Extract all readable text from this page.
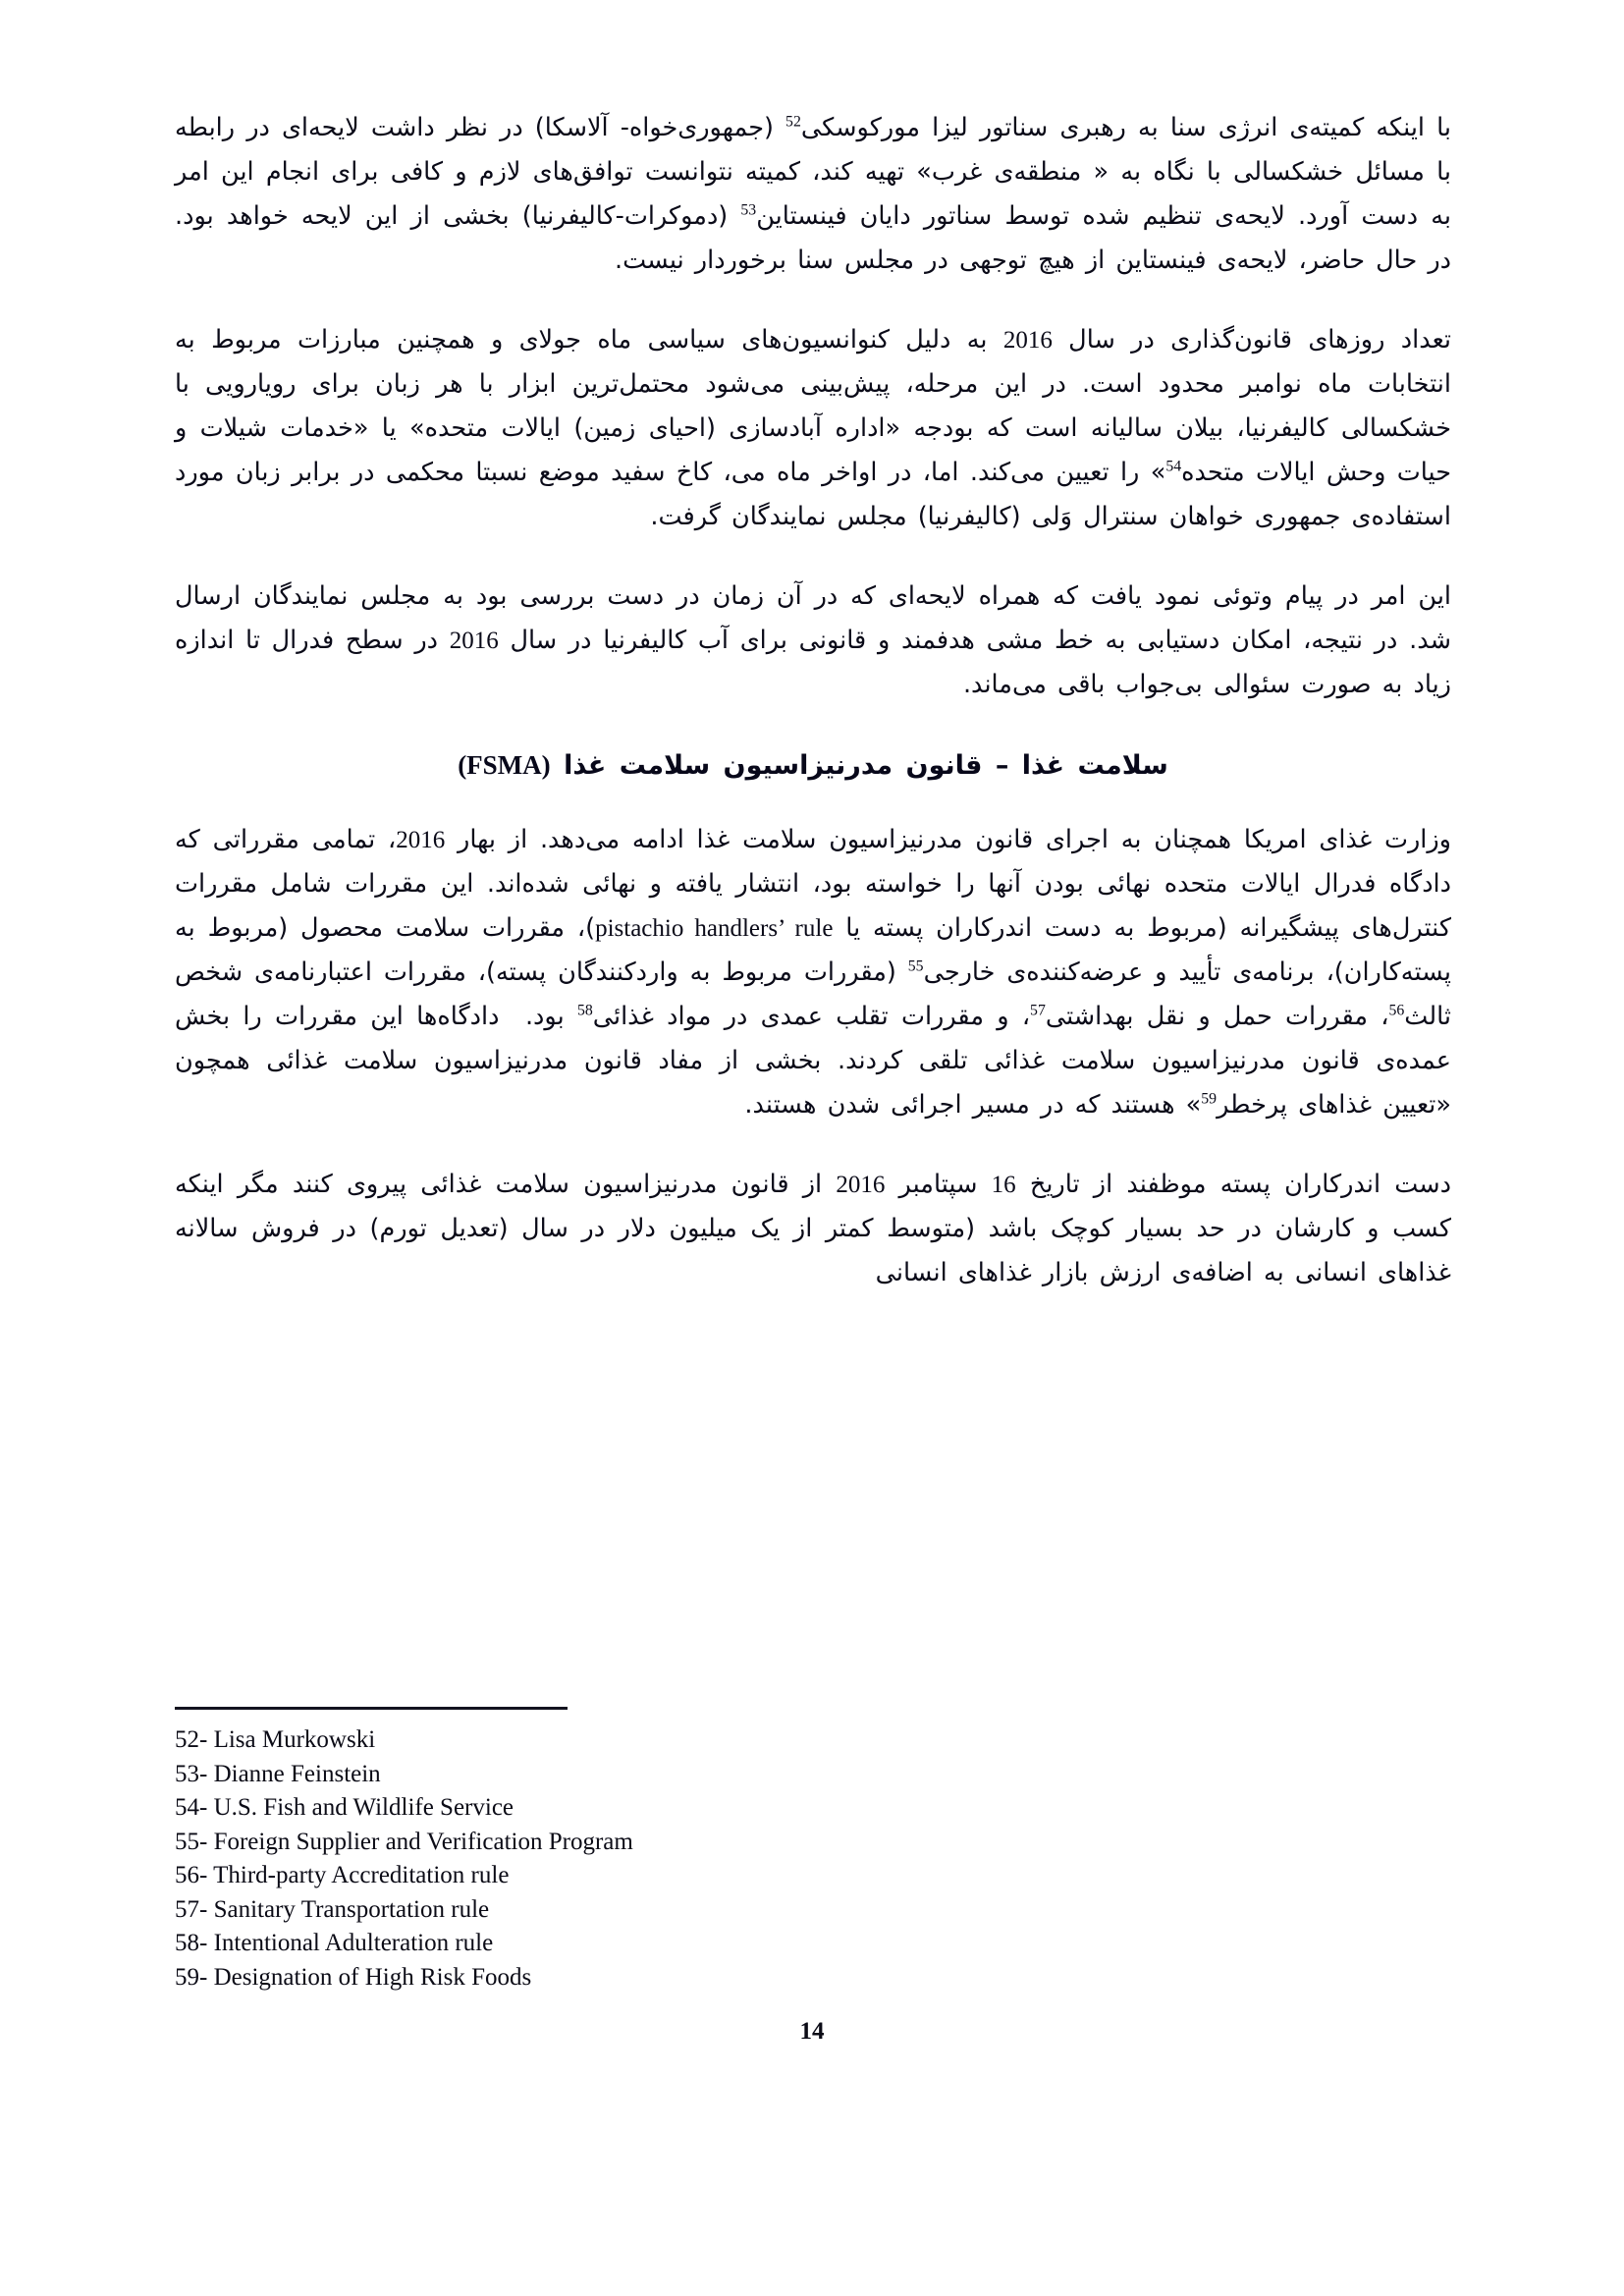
با اینکه کمیته‌ی انرژی سنا به رهبری سناتور لیزا مورکوسکی$^{52}$ (جمهوری‌خواه- آلاسکا) در نظر داشت لایحه‌ای در رابطه با مسائل خشکسالی با نگاه به « منطقه‌ی غرب» تهیه کند، کمیته نتوانست توافق‌های لازم و کافی برای انجام این امر به دست آورد. لایحه‌ی تنظیم شده توسط سناتور دایان فینستاین$^{53}$ (دموکرات-کالیفرنیا) بخشی از این لایحه خواهد بود. در حال حاضر، لایحه‌ی فینستاین از هیچ توجهی در مجلس سنا برخوردار نیست.

تعداد روزهای قانون‌گذاری در سال 2016 به دلیل کنوانسیون‌های سیاسی ماه جولای و همچنین مبارزات مربوط به انتخابات ماه نوامبر محدود است. در این مرحله، پیش‌بینی می‌شود محتمل‌ترین ابزار با هر زبان برای رویارویی با خشکسالی کالیفرنیا، بیلان سالیانه است که بودجه «اداره آبادسازی (احیای زمین) ایالات متحده» یا «خدمات شیلات و حیات وحش ایالات متحده$^{54}$» را تعیین می‌کند. اما، در اواخر ماه می، کاخ سفید موضع نسبتا محکمی در برابر زبان مورد استفاده‌ی جمهوری خواهان سنترال وَلی (کالیفرنیا) مجلس نمایندگان گرفت.

این امر در پیام وتوئی نمود یافت که همراه لایحه‌ای که در آن زمان در دست بررسی بود به مجلس نمایندگان ارسال شد. در نتیجه، امکان دستیابی به خط مشی هدفمند و قانونی برای آب کالیفرنیا در سال 2016 در سطح فدرال تا اندازه زیاد به صورت سئوالی بی‌جواب باقی می‌ماند.

سلامت غذا – قانون مدرنیزاسیون سلامت غذا (FSMA)

وزارت غذای امریکا همچنان به اجرای قانون مدرنیزاسیون سلامت غذا ادامه می‌دهد. از بهار 2016، تمامی مقرراتی که دادگاه فدرال ایالات متحده نهائی بودن آنها را خواسته بود، انتشار یافته و نهائی شده‌اند. این مقررات شامل مقررات کنترل‌های پیشگیرانه (مربوط به دست اندرکاران پسته یا pistachio handlers’ rule)، مقررات سلامت محصول (مربوط به پسته‌کاران)، برنامه‌ی تأیید و عرضه‌کننده‌ی خارجی$^{55}$ (مقررات مربوط به واردکنندگان پسته)، مقررات اعتبارنامه‌ی شخص ثالث$^{56}$، مقررات حمل و نقل بهداشتی$^{57}$، و مقررات تقلب عمدی در مواد غذائی$^{58}$ بود.  دادگاه‌ها این مقررات را بخش عمده‌ی قانون مدرنیزاسیون سلامت غذائی تلقی کردند. بخشی از مفاد قانون مدرنیزاسیون سلامت غذائی همچون «تعیین غذاهای پرخطر$^{59}$» هستند که در مسیر اجرائی شدن هستند.

دست اندرکاران پسته موظفند از تاریخ 16 سپتامبر 2016 از قانون مدرنیزاسیون سلامت غذائی پیروی کنند مگر اینکه کسب و کارشان در حد بسیار کوچک باشد (متوسط کمتر از یک میلیون دلار در سال (تعدیل تورم) در فروش سالانه غذاهای انسانی به اضافه‌ی ارزش بازار غذاهای انسانی

52- Lisa Murkowski
53- Dianne Feinstein
54- U.S. Fish and Wildlife Service
55- Foreign Supplier and Verification Program
56- Third-party Accreditation rule
57- Sanitary Transportation rule
58- Intentional Adulteration rule
59- Designation of High Risk Foods
14
